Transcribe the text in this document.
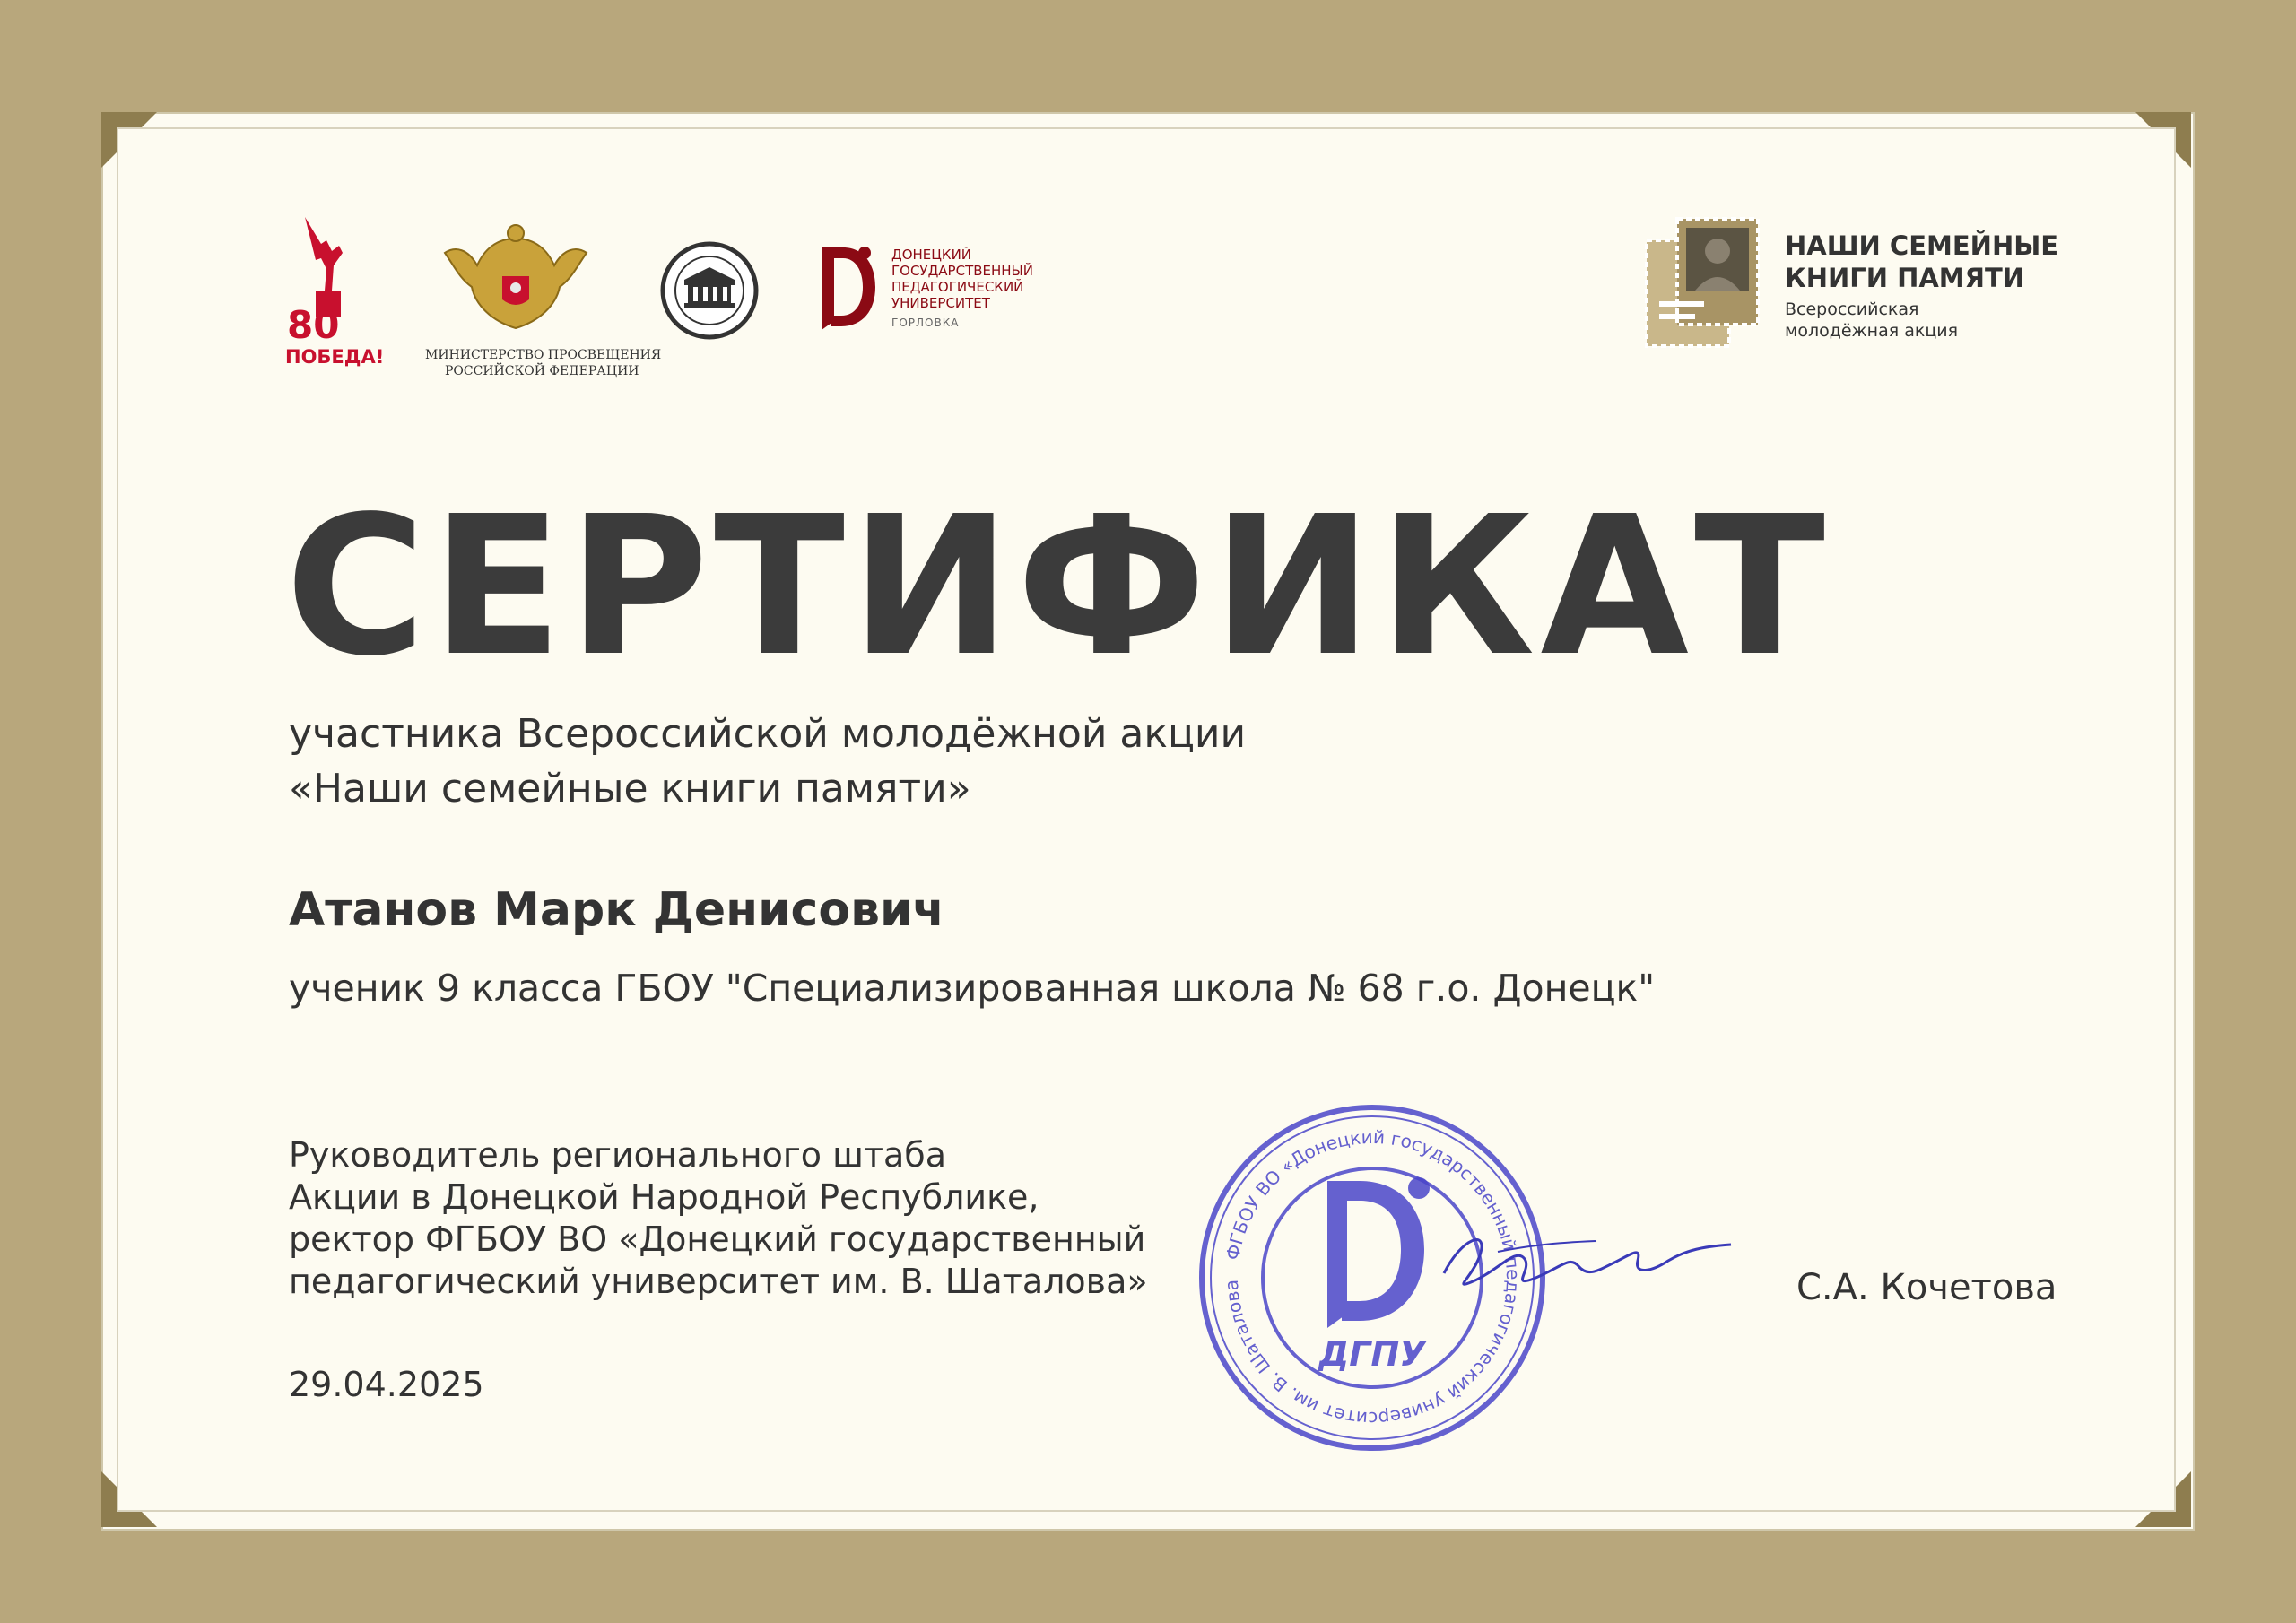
80
ПОБЕДА!	МИНИСТЕРСТВО ПРОСВЕЩЕНИЯ
РОССИЙСКОЙ ФЕДЕРАЦИИ
ДОНЕЦКИЙ
ГОСУДАРСТВЕННЫЙ
ПЕДАГОГИЧЕСКИЙ
УНИВЕРСИТЕТ
ГОРЛОВКА
НАШИ СЕМЕЙНЫЕ
КНИГИ ПАМЯТИ
Всероссийская
молодёжная акция
СЕРТИФИКАТ
участника Всероссийской молодёжной акции
«Наши семейные книги памяти»
Атанов Марк Денисович
ученик 9 класса ГБОУ "Специализированная школа № 68 г.о. Донецк"
Руководитель регионального штаба
Акции в Донецкой Народной Республике,
ректор ФГБОУ ВО «Донецкий государственный
педагогический университет им. В. Шаталова»
29.04.2025
С.А. Кочетова
ФГБОУ ВО «Донецкий государственный педагогический университет им. В. Шаталова
ДГПУ
